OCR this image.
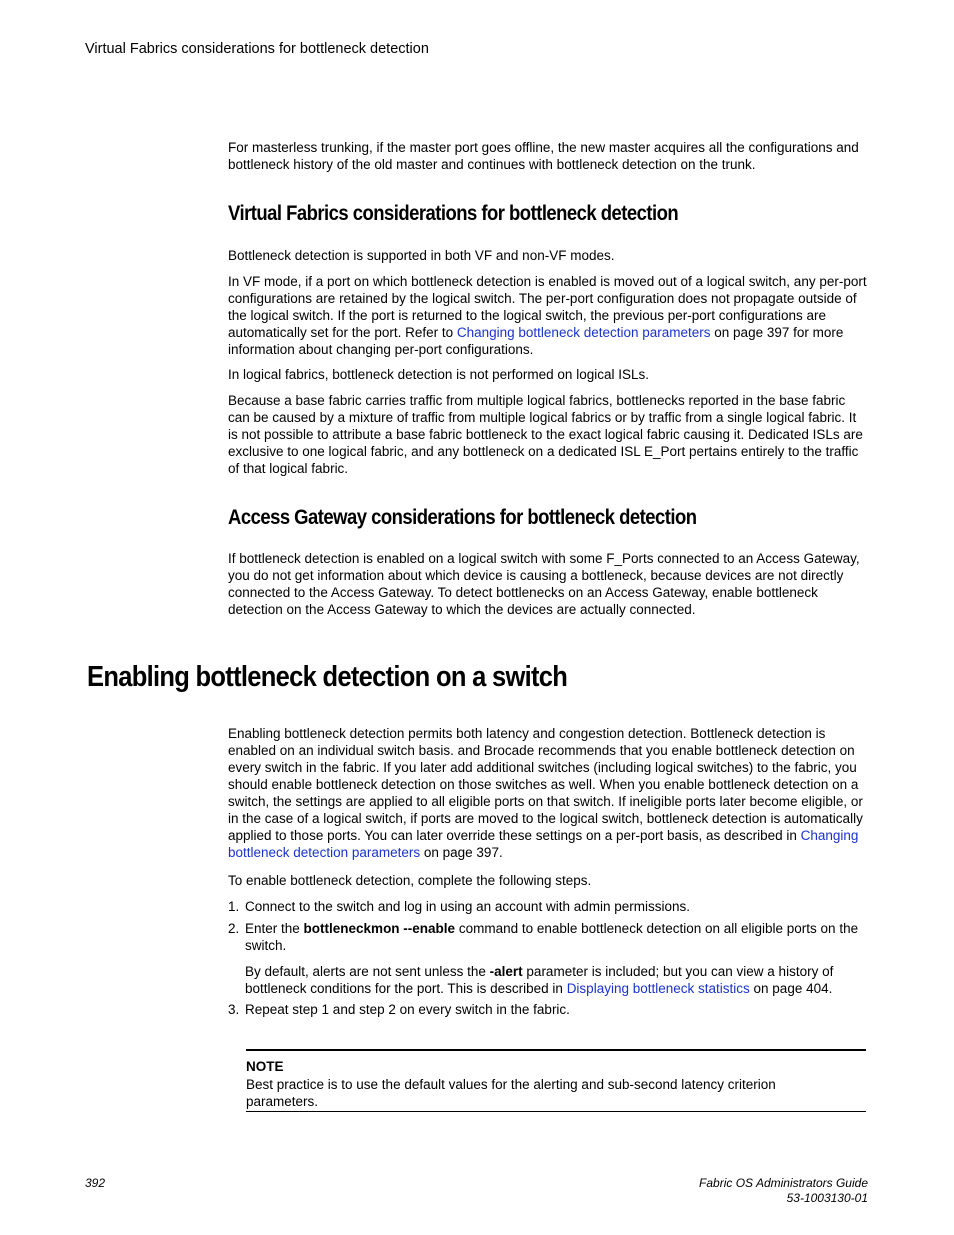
Virtual Fabrics considerations for bottleneck detection
For masterless trunking, if the master port goes offline, the new master acquires all the configurations and bottleneck history of the old master and continues with bottleneck detection on the trunk.
Virtual Fabrics considerations for bottleneck detection
Bottleneck detection is supported in both VF and non-VF modes.
In VF mode, if a port on which bottleneck detection is enabled is moved out of a logical switch, any per-port configurations are retained by the logical switch. The per-port configuration does not propagate outside of the logical switch. If the port is returned to the logical switch, the previous per-port configurations are automatically set for the port. Refer to Changing bottleneck detection parameters on page 397 for more information about changing per-port configurations.
In logical fabrics, bottleneck detection is not performed on logical ISLs.
Because a base fabric carries traffic from multiple logical fabrics, bottlenecks reported in the base fabric can be caused by a mixture of traffic from multiple logical fabrics or by traffic from a single logical fabric. It is not possible to attribute a base fabric bottleneck to the exact logical fabric causing it. Dedicated ISLs are exclusive to one logical fabric, and any bottleneck on a dedicated ISL E_Port pertains entirely to the traffic of that logical fabric.
Access Gateway considerations for bottleneck detection
If bottleneck detection is enabled on a logical switch with some F_Ports connected to an Access Gateway, you do not get information about which device is causing a bottleneck, because devices are not directly connected to the Access Gateway. To detect bottlenecks on an Access Gateway, enable bottleneck detection on the Access Gateway to which the devices are actually connected.
Enabling bottleneck detection on a switch
Enabling bottleneck detection permits both latency and congestion detection. Bottleneck detection is enabled on an individual switch basis. and Brocade recommends that you enable bottleneck detection on every switch in the fabric. If you later add additional switches (including logical switches) to the fabric, you should enable bottleneck detection on those switches as well. When you enable bottleneck detection on a switch, the settings are applied to all eligible ports on that switch. If ineligible ports later become eligible, or in the case of a logical switch, if ports are moved to the logical switch, bottleneck detection is automatically applied to those ports. You can later override these settings on a per-port basis, as described in Changing bottleneck detection parameters on page 397.
To enable bottleneck detection, complete the following steps.
1. Connect to the switch and log in using an account with admin permissions.
2. Enter the bottleneckmon --enable command to enable bottleneck detection on all eligible ports on the switch.
By default, alerts are not sent unless the -alert parameter is included; but you can view a history of bottleneck conditions for the port. This is described in Displaying bottleneck statistics on page 404.
3. Repeat step 1 and step 2 on every switch in the fabric.
NOTE
Best practice is to use the default values for the alerting and sub-second latency criterion parameters.
392	Fabric OS Administrators Guide
53-1003130-01
